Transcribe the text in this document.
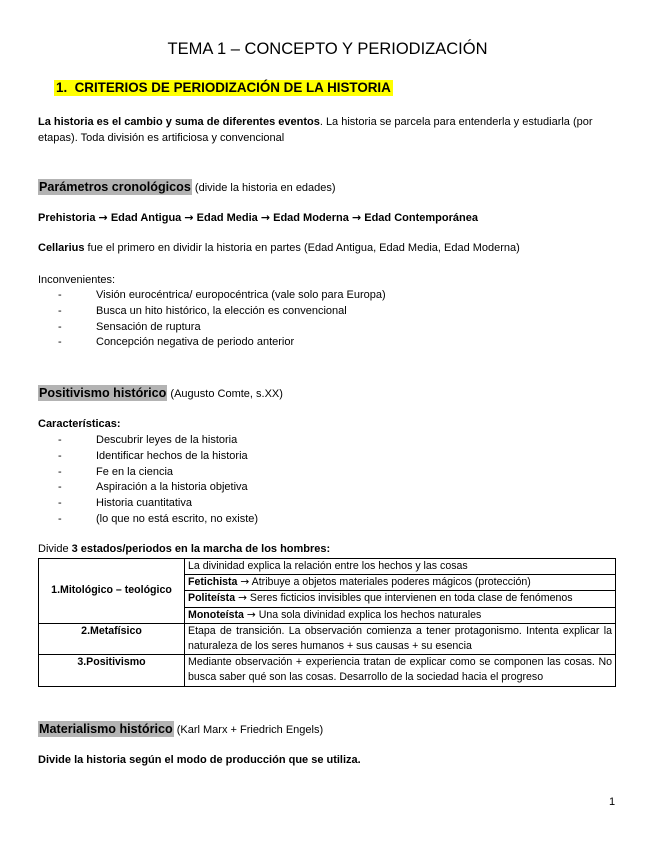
TEMA 1 – CONCEPTO Y PERIODIZACIÓN
1. CRITERIOS DE PERIODIZACIÓN DE LA HISTORIA
La historia es el cambio y suma de diferentes eventos. La historia se parcela para entenderla y estudiarla (por
etapas). Toda división es artificiosa y convencional
Parámetros cronológicos (divide la historia en edades)
Prehistoria → Edad Antigua → Edad Media → Edad Moderna → Edad Contemporánea
Cellarius fue el primero en dividir la historia en partes (Edad Antigua, Edad Media, Edad Moderna)
Inconvenientes:
-	Visión eurocéntrica/ europocéntrica (vale solo para Europa)
-	Busca un hito histórico, la elección es convencional
-	Sensación de ruptura
-	Concepción negativa de periodo anterior
Positivismo histórico (Augusto Comte, s.XX)
Características:
-	Descubrir leyes de la historia
-	Identificar hechos de la historia
-	Fe en la ciencia
-	Aspiración a la historia objetiva
-	Historia cuantitativa
-	(lo que no está escrito, no existe)
Divide 3 estados/periodos en la marcha de los hombres:
1.Mitológico – teológico	La divinidad explica la relación entre los hechos y las cosas
	Fetichista → Atribuye a objetos materiales poderes mágicos (protección)
	Politeísta → Seres ficticios invisibles que intervienen en toda clase de fenómenos
	Monoteísta → Una sola divinidad explica los hechos naturales
2.Metafísico	Etapa de transición. La observación comienza a tener protagonismo. Intenta explicar la naturaleza de los seres humanos + sus causas + su esencia
3.Positivismo	Mediante observación + experiencia tratan de explicar como se componen las cosas. No busca saber qué son las cosas. Desarrollo de la sociedad hacia el progreso
Materialismo histórico (Karl Marx + Friedrich Engels)
Divide la historia según el modo de producción que se utiliza.
1
